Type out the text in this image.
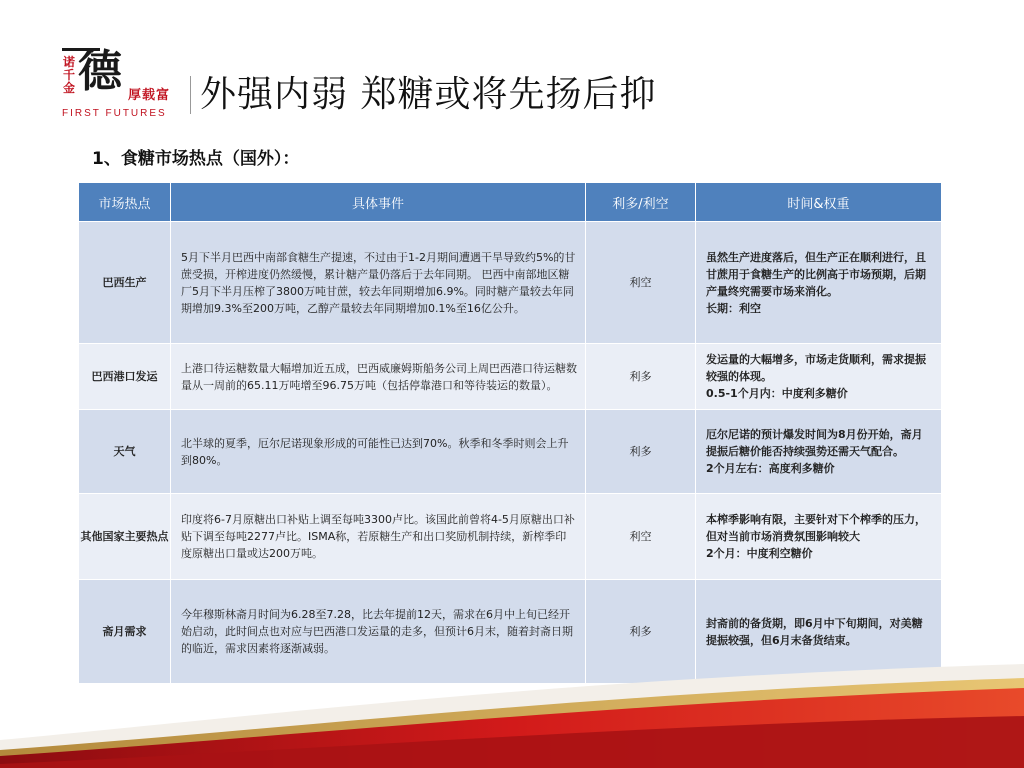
诺千金 德 厚载富
FIRST FUTURES 外强内弱 郑糖或将先扬后抑
1、食糖市场热点（国外）：
市场热点	具体事件	利多/利空	时间&权重
巴西生产	5月下半月巴西中南部食糖生产提速，不过由于1-2月期间遭遇干旱导致约5%的甘蔗受损，开榨进度仍然缓慢，累计糖产量仍落后于去年同期。 巴西中南部地区糖厂5月下半月压榨了3800万吨甘蔗，较去年同期增加6.9%。同时糖产量较去年同期增加9.3%至200万吨，乙醇产量较去年同期增加0.1%至16亿公升。	利空	虽然生产进度落后，但生产正在顺利进行，且甘蔗用于食糖生产的比例高于市场预期，后期产量终究需要市场来消化。
长期：利空
巴西港口发运	上港口待运糖数量大幅增加近五成，巴西威廉姆斯船务公司上周巴西港口待运糖数量从一周前的65.11万吨增至96.75万吨（包括停靠港口和等待装运的数量）。	利多	发运量的大幅增多，市场走货顺利，需求提振较强的体现。
0.5-1个月内：中度利多糖价
天气	北半球的夏季，厄尔尼诺现象形成的可能性已达到70%。秋季和冬季时则会上升到80%。	利多	厄尔尼诺的预计爆发时间为8月份开始，斋月提振后糖价能否持续强势还需天气配合。
2个月左右：高度利多糖价
其他国家主要热点	印度将6-7月原糖出口补贴上调至每吨3300卢比。该国此前曾将4-5月原糖出口补贴下调至每吨2277卢比。ISMA称，若原糖生产和出口奖励机制持续，新榨季印度原糖出口量或达200万吨。	利空	本榨季影响有限，主要针对下个榨季的压力，但对当前市场消费氛围影响较大
2个月：中度利空糖价
斋月需求	今年穆斯林斋月时间为6.28至7.28，比去年提前12天，需求在6月中上旬已经开始启动，此时间点也对应与巴西港口发运量的走多，但预计6月末，随着封斋日期的临近，需求因素将逐渐减弱。	利多	封斋前的备货期，即6月中下旬期间，对美糖提振较强，但6月末备货结束。
